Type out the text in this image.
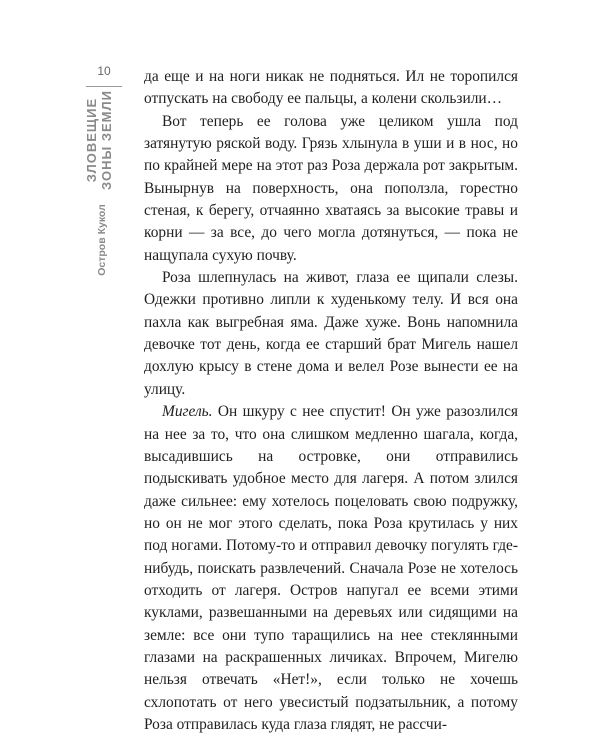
10
ЗЛОВЕЩИЕ ЗОНЫ ЗЕМЛИ
Остров Кукол

да еще и на ноги никак не подняться. Ил не торопился отпускать на свободу ее пальцы, а колени скользили…

Вот теперь ее голова уже целиком ушла под затянутую ряской воду. Грязь хлынула в уши и в нос, но по крайней мере на этот раз Роза держала рот закрытым. Вынырнув на поверхность, она поползла, горестно стеная, к берегу, отчаянно хватаясь за высокие травы и корни — за все, до чего могла дотянуться, — пока не нащупала сухую почву.

Роза шлепнулась на живот, глаза ее щипали слезы. Одежки противно липли к худенькому телу. И вся она пахла как выгребная яма. Даже хуже. Вонь напомнила девочке тот день, когда ее старший брат Мигель нашел дохлую крысу в стене дома и велел Розе вынести ее на улицу.

Мигель. Он шкуру с нее спустит! Он уже разозлился на нее за то, что она слишком медленно шагала, когда, высадившись на островке, они отправились подыскивать удобное место для лагеря. А потом злился даже сильнее: ему хотелось поцеловать свою подружку, но он не мог этого сделать, пока Роза крутилась у них под ногами. Потому-то и отправил девочку погулять где-нибудь, поискать развлечений. Сначала Розе не хотелось отходить от лагеря. Остров напугал ее всеми этими куклами, развешанными на деревьях или сидящими на земле: все они тупо таращились на нее стеклянными глазами на раскрашенных личиках. Впрочем, Мигелю нельзя отвечать «Нет!», если только не хочешь схлопотать от него увесистый подзатыльник, а потому Роза отправилась куда глаза глядят, не рассчи-
